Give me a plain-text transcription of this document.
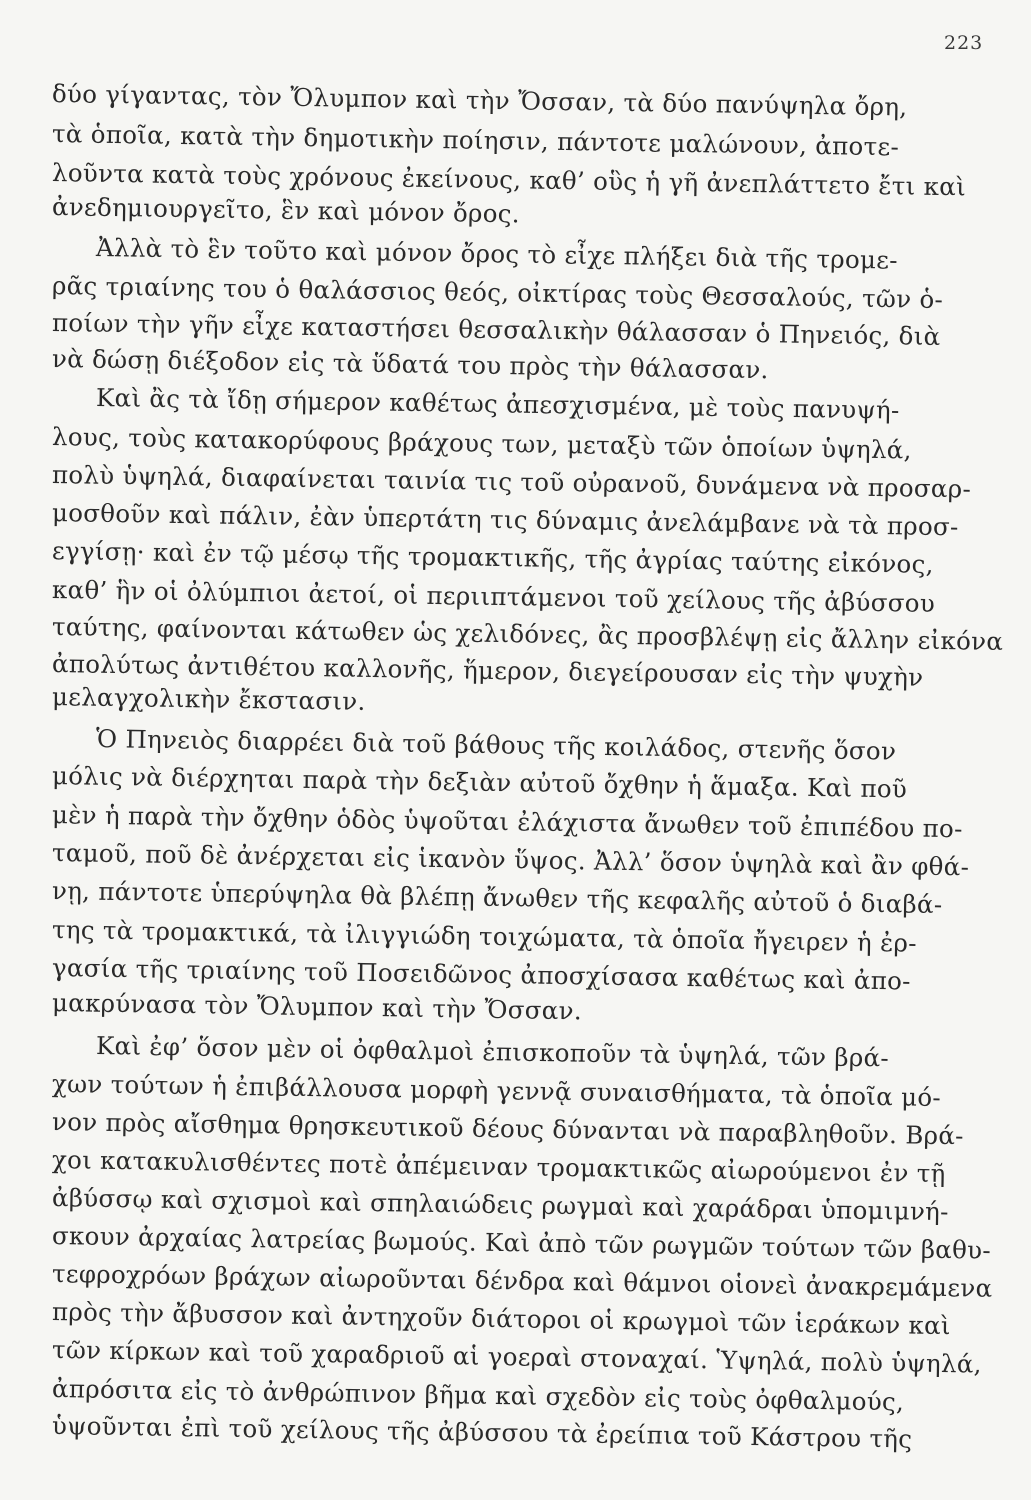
223
δύο γίγαντας, τὸν Ὄλυμπον καὶ τὴν Ὄσσαν, τὰ δύο πανύψηλα ὄρη,
τὰ ὁποῖα, κατὰ τὴν δημοτικὴν ποίησιν, πάντοτε μαλώνουν, ἀποτε-
λοῦντα κατὰ τοὺς χρόνους ἐκείνους, καθ’ οὓς ἡ γῆ ἀνεπλάττετο ἔτι καὶ
ἀνεδημιουργεῖτο, ἓν καὶ μόνον ὄρος.
Ἀλλὰ τὸ ἓν τοῦτο καὶ μόνον ὄρος τὸ εἶχε πλήξει διὰ τῆς τρομε-
ρᾶς τριαίνης του ὁ θαλάσσιος θεός, οἰκτίρας τοὺς Θεσσαλούς, τῶν ὁ-
ποίων τὴν γῆν εἶχε καταστήσει θεσσαλικὴν θάλασσαν ὁ Πηνειός, διὰ
νὰ δώσῃ διέξοδον εἰς τὰ ὕδατά του πρὸς τὴν θάλασσαν.
Καὶ ἂς τὰ ἴδῃ σήμερον καθέτως ἀπεσχισμένα, μὲ τοὺς πανυψή-
λους, τοὺς κατακορύφους βράχους των, μεταξὺ τῶν ὁποίων ὑψηλά,
πολὺ ὑψηλά, διαφαίνεται ταινία τις τοῦ οὐρανοῦ, δυνάμενα νὰ προσαρ-
μοσθοῦν καὶ πάλιν, ἐὰν ὑπερτάτη τις δύναμις ἀνελάμβανε νὰ τὰ προσ-
εγγίσῃ· καὶ ἐν τῷ μέσῳ τῆς τρομακτικῆς, τῆς ἀγρίας ταύτης εἰκόνος,
καθ’ ἣν οἱ ὀλύμπιοι ἀετοί, οἱ περιιπτάμενοι τοῦ χείλους τῆς ἀβύσσου
ταύτης, φαίνονται κάτωθεν ὡς χελιδόνες, ἂς προσβλέψῃ εἰς ἄλλην εἰκόνα
ἀπολύτως ἀντιθέτου καλλονῆς, ἥμερον, διεγείρουσαν εἰς τὴν ψυχὴν
μελαγχολικὴν ἔκστασιν.
Ὁ Πηνειὸς διαρρέει διὰ τοῦ βάθους τῆς κοιλάδος, στενῆς ὅσον
μόλις νὰ διέρχηται παρὰ τὴν δεξιὰν αὐτοῦ ὄχθην ἡ ἅμαξα. Καὶ ποῦ
μὲν ἡ παρὰ τὴν ὄχθην ὁδὸς ὑψοῦται ἐλάχιστα ἄνωθεν τοῦ ἐπιπέδου πο-
ταμοῦ, ποῦ δὲ ἀνέρχεται εἰς ἱκανὸν ὕψος. Ἀλλ’ ὅσον ὑψηλὰ καὶ ἂν φθά-
νῃ, πάντοτε ὑπερύψηλα θὰ βλέπῃ ἄνωθεν τῆς κεφαλῆς αὐτοῦ ὁ διαβά-
της τὰ τρομακτικά, τὰ ἰλιγγιώδη τοιχώματα, τὰ ὁποῖα ἤγειρεν ἡ ἐρ-
γασία τῆς τριαίνης τοῦ Ποσειδῶνος ἀποσχίσασα καθέτως καὶ ἀπο-
μακρύνασα τὸν Ὄλυμπον καὶ τὴν Ὄσσαν.
Καὶ ἐφ’ ὅσον μὲν οἱ ὀφθαλμοὶ ἐπισκοποῦν τὰ ὑψηλά, τῶν βρά-
χων τούτων ἡ ἐπιβάλλουσα μορφὴ γεννᾷ συναισθήματα, τὰ ὁποῖα μό-
νον πρὸς αἴσθημα θρησκευτικοῦ δέους δύνανται νὰ παραβληθοῦν. Βρά-
χοι κατακυλισθέντες ποτὲ ἀπέμειναν τρομακτικῶς αἰωρούμενοι ἐν τῇ
ἀβύσσῳ καὶ σχισμοὶ καὶ σπηλαιώδεις ρωγμαὶ καὶ χαράδραι ὑπομιμνή-
σκουν ἀρχαίας λατρείας βωμούς. Καὶ ἀπὸ τῶν ρωγμῶν τούτων τῶν βαθυ-
τεφροχρόων βράχων αἰωροῦνται δένδρα καὶ θάμνοι οἱονεὶ ἀνακρεμάμενα
πρὸς τὴν ἄβυσσον καὶ ἀντηχοῦν διάτοροι οἱ κρωγμοὶ τῶν ἱεράκων καὶ
τῶν κίρκων καὶ τοῦ χαραδριοῦ αἱ γοεραὶ στοναχαί. Ὑψηλά, πολὺ ὑψηλά,
ἀπρόσιτα εἰς τὸ ἀνθρώπινον βῆμα καὶ σχεδὸν εἰς τοὺς ὀφθαλμούς,
ὑψοῦνται ἐπὶ τοῦ χείλους τῆς ἀβύσσου τὰ ἐρείπια τοῦ Κάστρου τῆς
